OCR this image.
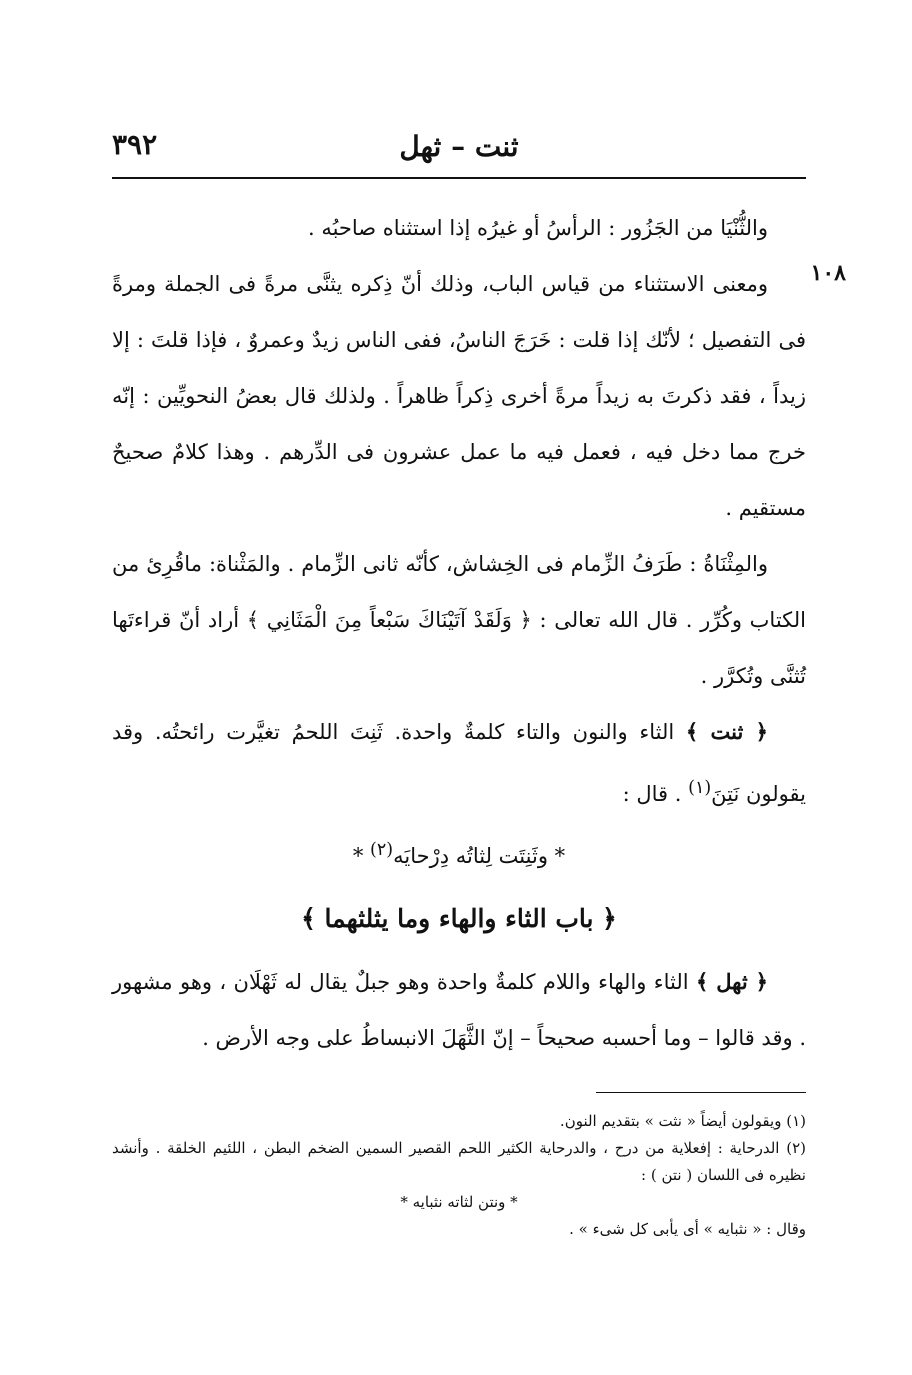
٣٩٢	ثنت – ثهل
١٠٨

والثُّنْيَا من الجَزُور : الرأسُ أو غيرُه إذا استثناه صاحبُه .

ومعنى الاستثناء من قياس الباب، وذلك أنّ ذِكره يثنَّى مرةً فى الجملة ومرةً فى التفصيل ؛ لأنّك إذا قلت : خَرَجَ الناسُ، ففى الناس زيدٌ وعمروٌ ، فإذا قلتَ : إلا زيداً ، فقد ذكرتَ به زيداً مرةً أخرى ذِكراً ظاهراً . ولذلك قال بعضُ النحويِّين : إنّه خرج مما دخل فيه ، فعمل فيه ما عمل عشرون فى الدِّرهم . وهذا كلامٌ صحيحٌ مستقيم .

والمِثْنَاةُ : طَرَفُ الزِّمام فى الخِشاش، كأنّه ثانى الزِّمام . والمَثْناة: ماقُرِئ من الكتاب وكُرِّر . قال الله تعالى : ﴿ وَلَقَدْ آتَيْنَاكَ سَبْعاً مِنَ الْمَثَانِي ﴾ أراد أنّ قراءتَها تُثنَّى وتُكرَّر .

﴿ ثنت ﴾ الثاء والنون والتاء كلمةٌ واحدة. ثَنِتَ اللحمُ تغيَّرت رائحتُه. وقد يقولون نَتِنَ$^{(١)}$ . قال :

* وثَنِتَت لِثاتُه دِرْحايَه$^{(٢)}$ *

﴿ باب الثاء والهاء وما يثلثهما ﴾

﴿ ثهل ﴾ الثاء والهاء واللام كلمةٌ واحدة وهو جبلٌ يقال له ثَهْلَان ، وهو مشهور . وقد قالوا – وما أحسبه صحيحاً – إنّ الثَّهَلَ الانبساطُ على وجه الأرض .

(١) ويقولون أيضاً « نثت » بتقديم النون.

(٢) الدرحاية : إفعلاية من درح ، والدرحاية الكثير اللحم القصير السمين الضخم البطن ، اللئيم الخلقة . وأنشد نظيره فى اللسان ( نتن ) :

* ونتن لثاته نثبايه *

وقال : « نثبايه » أى يأبى كل شىء » .
